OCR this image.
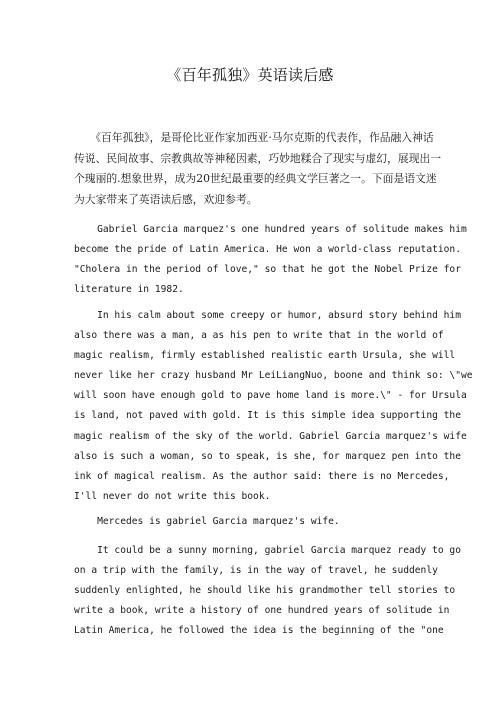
《百年孤独》英语读后感
　　《百年孤独》，是哥伦比亚作家加西亚·马尔克斯的代表作，作品融入神话
传说、民间故事、宗教典故等神秘因素，巧妙地糅合了现实与虚幻，展现出一
个瑰丽的.想象世界，成为20世纪最重要的经典文学巨著之一。下面是语文迷
为大家带来了英语读后感，欢迎参考。
Gabriel Garcia marquez's one hundred years of solitude makes him
become the pride of Latin America. He won a world-class reputation.
"Cholera in the period of love," so that he got the Nobel Prize for
literature in 1982.
In his calm about some creepy or humor, absurd story behind him
also there was a man, a as his pen to write that in the world of
magic realism, firmly established realistic earth Ursula, she will
never like her crazy husband Mr LeiLiangNuo, boone and think so: \"we
will soon have enough gold to pave home land is more.\" - for Ursula
is land, not paved with gold. It is this simple idea supporting the
magic realism of the sky of the world. Gabriel Garcia marquez's wife
also is such a woman, so to speak, is she, for marquez pen into the
ink of magical realism. As the author said: there is no Mercedes,
I'll never do not write this book.
Mercedes is gabriel Garcia marquez's wife.
It could be a sunny morning, gabriel Garcia marquez ready to go
on a trip with the family, is in the way of travel, he suddenly
suddenly enlighted, he should like his grandmother tell stories to
write a book, write a history of one hundred years of solitude in
Latin America, he followed the idea is the beginning of the "one
